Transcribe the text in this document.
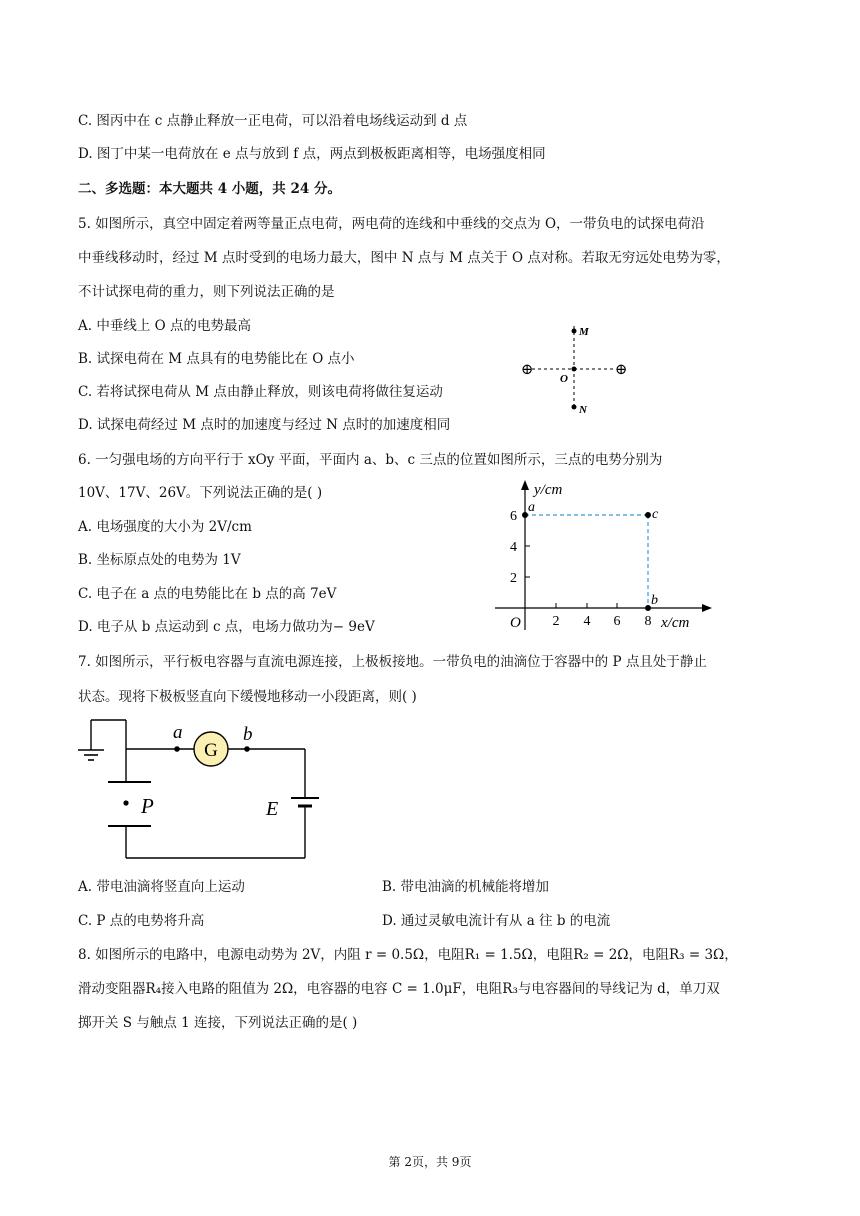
C. 图丙中在 c 点静止释放一正电荷，可以沿着电场线运动到 d 点
D. 图丁中某一电荷放在 e 点与放到 f 点，两点到极板距离相等，电场强度相同
二、多选题：本大题共 4 小题，共 24 分。
5. 如图所示，真空中固定着两等量正点电荷，两电荷的连线和中垂线的交点为 O，一带负电的试探电荷沿
中垂线移动时，经过 M 点时受到的电场力最大，图中 N 点与 M 点关于 O 点对称。若取无穷远处电势为零，
不计试探电荷的重力，则下列说法正确的是
A. 中垂线上 O 点的电势最高
B. 试探电荷在 M 点具有的电势能比在 O 点小
C. 若将试探电荷从 M 点由静止释放，则该电荷将做往复运动
D. 试探电荷经过 M 点时的加速度与经过 N 点时的加速度相同
⊕	⊕
M
O
N
6. 一匀强电场的方向平行于 xOy 平面，平面内 a、b、c 三点的位置如图所示，三点的电势分别为
10V、17V、26V。下列说法正确的是( )
A. 电场强度的大小为 2V/cm
B. 坐标原点处的电势为 1V
C. 电子在 a 点的电势能比在 b 点的高 7eV
D. 电子从 b 点运动到 c 点，电场力做功为− 9eV
y/cm
x/cm
O 2 4 6 8
2
4
6
a	c
b
7. 如图所示，平行板电容器与直流电源连接，上极板接地。一带负电的油滴位于容器中的 P 点且处于静止
状态。现将下极板竖直向下缓慢地移动一小段距离，则( )
P
a	b
G
E
A. 带电油滴将竖直向上运动	B. 带电油滴的机械能将增加
C. P 点的电势将升高	D. 通过灵敏电流计有从 a 往 b 的电流
8. 如图所示的电路中，电源电动势为 2V，内阻 r = 0.5Ω，电阻R₁ = 1.5Ω，电阻R₂ = 2Ω，电阻R₃ = 3Ω，
滑动变阻器R₄接入电路的阻值为 2Ω，电容器的电容 C = 1.0μF，电阻R₃与电容器间的导线记为 d，单刀双
掷开关 S 与触点 1 连接，下列说法正确的是( )
第 2页，共 9页
